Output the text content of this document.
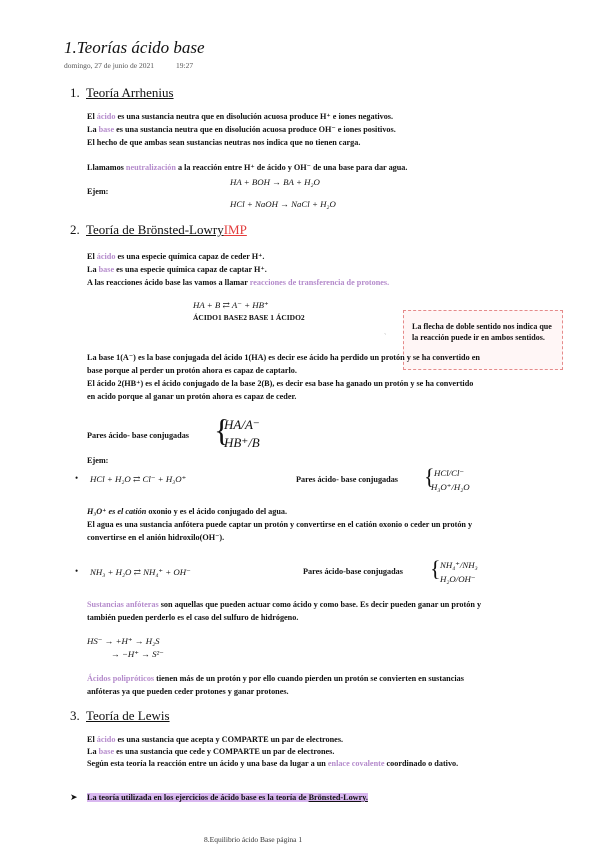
1.Teorías ácido base
domingo, 27 de junio de 2021	19:27
1. Teoría Arrhenius
El ácido es una sustancia neutra que en disolución acuosa produce H⁺ e iones negativos.
La base es una sustancia neutra que en disolución acuosa produce OH⁻ e iones positivos.
El hecho de que ambas sean sustancias neutras nos indica que no tienen carga.
Llamamos neutralización a la reacción entre H⁺ de ácido y OH⁻ de una base para dar agua.
HA + BOH → BA + H₂O
Ejem:
HCl + NaOH → NaCl + H₂O
2. Teoría de Brönsted-LowryIMP
El ácido es una especie química capaz de ceder H⁺.
La base es una especie química capaz de captar H⁺.
A las reacciones ácido base las vamos a llamar reacciones de transferencia de protones.
HA + B ⇄ A⁻ + HB⁺
ÁCIDO1 BASE2 BASE 1 ÁCIDO2
La flecha de doble sentido nos indica que la reacción puede ir en ambos sentidos.
ˎ
La base 1(A⁻) es la base conjugada del ácido 1(HA) es decir ese ácido ha perdido un protón y se ha convertido en
base porque al perder un protón ahora es capaz de captarlo.
El ácido 2(HB⁺) es el ácido conjugado de la base 2(B), es decir esa base ha ganado un protón y se ha convertido
en acido porque al ganar un protón ahora es capaz de ceder.
Pares ácido- base conjugadas {
HA/A⁻
HB⁺/B
Ejem:
• HCl + H₂O ⇄ Cl⁻ + H₃O⁺	Pares ácido- base conjugadas { HCl/Cl⁻
H₃O⁺/H₂O
H₃O⁺ es el catión oxonio y es el ácido conjugado del agua.
El agua es una sustancia anfótera puede captar un protón y convertirse en el catión oxonio o ceder un protón y
convertirse en el anión hidroxilo(OH⁻).
• NH₃ + H₂O ⇄ NH₄⁺ + OH⁻	Pares ácido-base conjugadas { NH₄⁺/NH₃
H₂O/OH⁻
Sustancias anfóteras son aquellas que pueden actuar como ácido y como base. Es decir pueden ganar un protón y
también pueden perderlo es el caso del sulfuro de hidrógeno.
HS⁻ → +H⁺ → H₂S
→ −H⁺ → S²⁻
Ácidos polipróticos tienen más de un protón y por ello cuando pierden un protón se convierten en sustancias
anfóteras ya que pueden ceder protones y ganar protones.
3. Teoría de Lewis
El ácido es una sustancia que acepta y COMPARTE un par de electrones.
La base es una sustancia que cede y COMPARTE un par de electrones.
Según esta teoría la reacción entre un ácido y una base da lugar a un enlace covalente coordinado o dativo.
➤ La teoría utilizada en los ejercicios de ácido base es la teoría de Brönsted-Lowry.
8.Equilibrio ácido Base página 1
